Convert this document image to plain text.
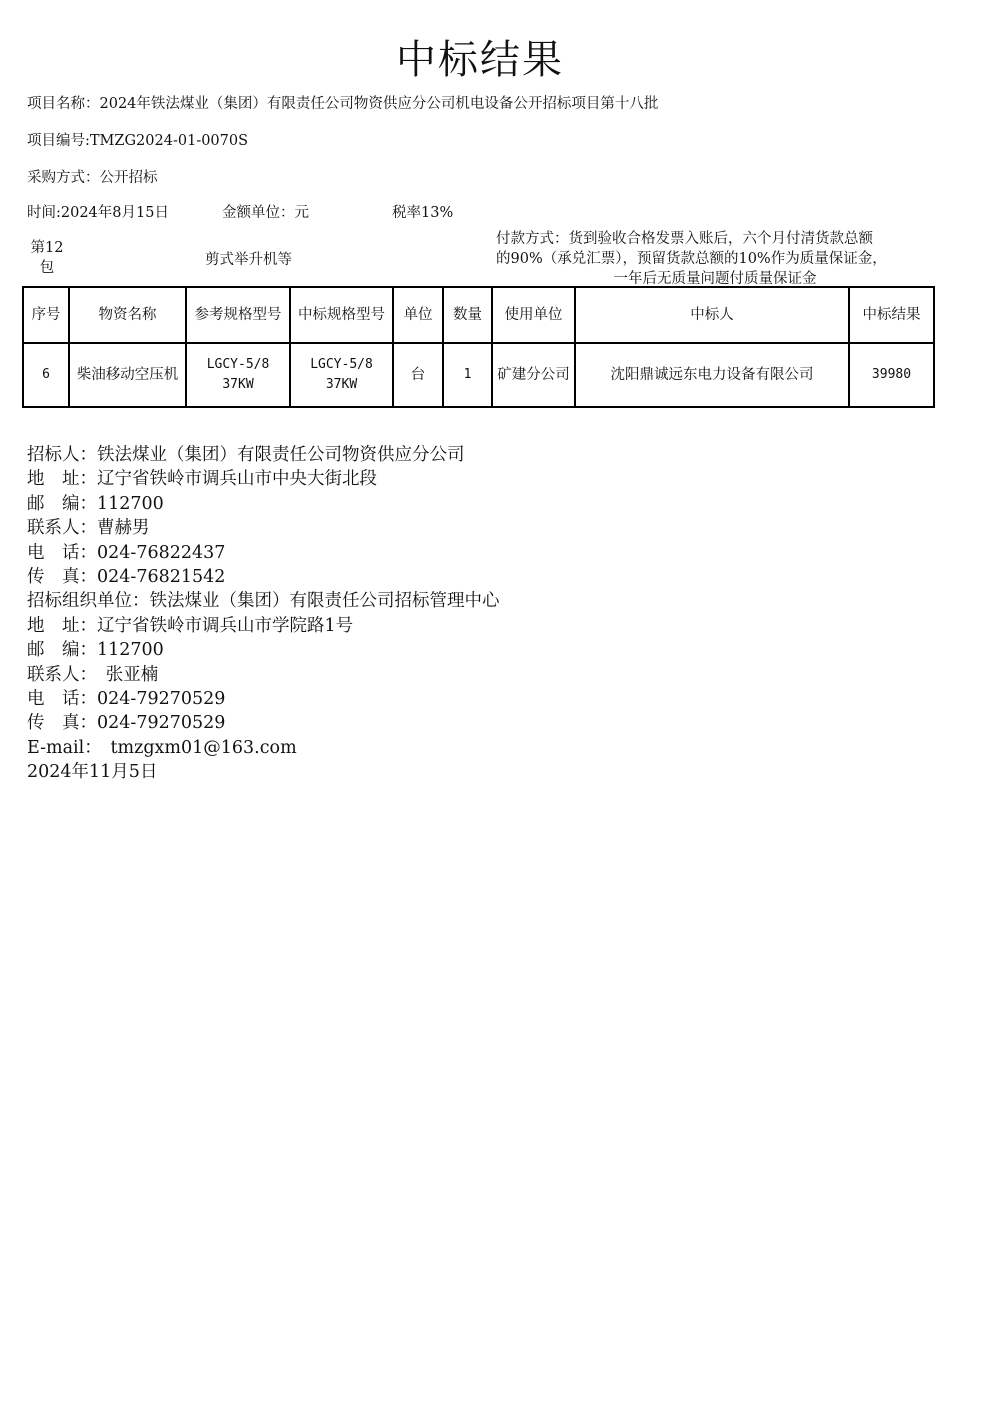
中标结果
项目名称：2024年铁法煤业（集团）有限责任公司物资供应分公司机电设备公开招标项目第十八批
项目编号:TMZG2024-01-0070S
采购方式：公开招标
时间:2024年8月15日	金额单位：元	税率13%
第12
包	剪式举升机等
付款方式：货到验收合格发票入账后，六个月付清货款总额
的90%（承兑汇票），预留货款总额的10%作为质量保证金，
一年后无质量问题付质量保证金
序号	物资名称	参考规格型号	中标规格型号	单位	数量	使用单位	中标人	中标结果
6	柴油移动空压机	LGCY-5/8 37KW	LGCY-5/8 37KW	台	1	矿建分公司	沈阳鼎诚远东电力设备有限公司	39980
招标人：铁法煤业（集团）有限责任公司物资供应分公司
地　址：辽宁省铁岭市调兵山市中央大街北段
邮　编：112700
联系人：曹赫男
电　话：024-76822437
传　真：024-76821542
招标组织单位：铁法煤业（集团）有限责任公司招标管理中心
地　址：辽宁省铁岭市调兵山市学院路1号
邮　编：112700
联系人：　张亚楠
电　话：024-79270529
传　真：024-79270529
E-mail：　tmzgxm01@163.com
2024年11月5日
